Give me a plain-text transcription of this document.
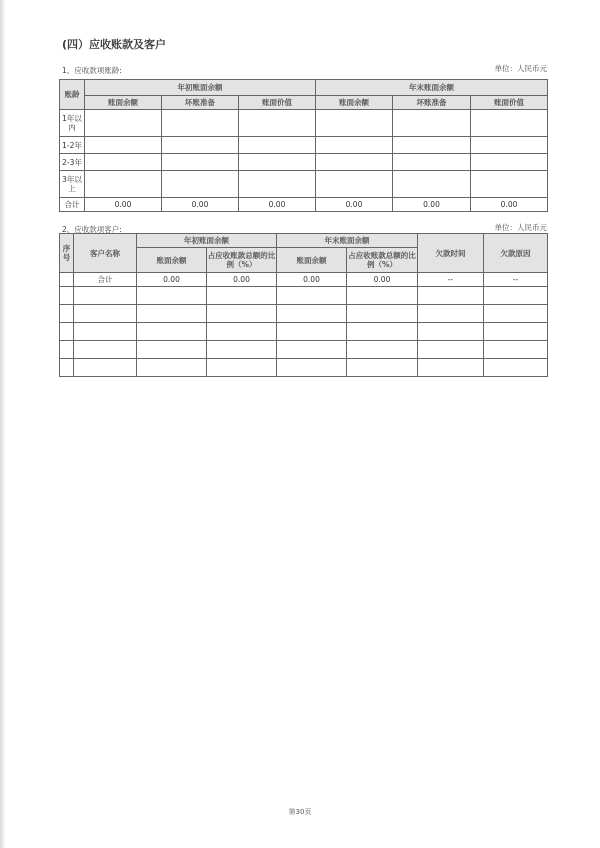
(四）应收账款及客户
1、应收款项账龄:	单位：人民币元
账龄	年初账面余额			年末账面余额		
	账面余额	坏账准备	账面价值	账面余额	坏账准备	账面价值
1年以内						
1-2年						
2-3年						
3年以上						
合计	0.00	0.00	0.00	0.00	0.00	0.00
2、应收款项客户:	单位：人民币元
序号	客户名称	年初账面余额		年末账面余额		欠款时间	欠款原因
		账面余额	占应收账款总额的比例（%）	账面余额	占应收账款总额的比例（%）		
	合计	0.00	0.00	0.00	0.00	--	--

第30页
